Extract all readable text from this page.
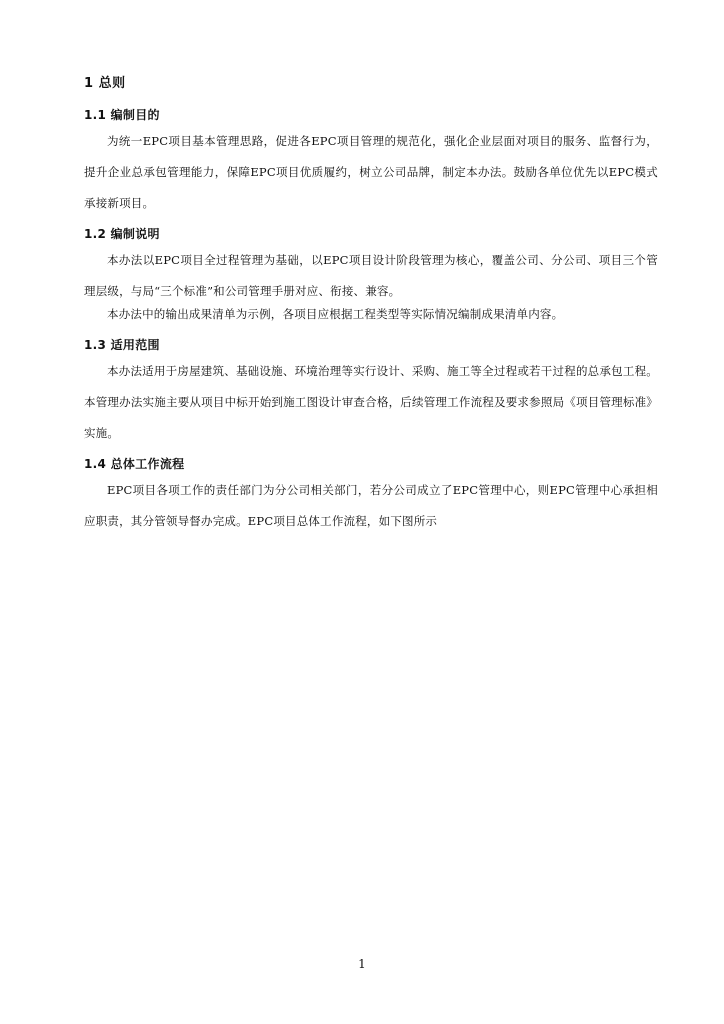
1 总则
1.1 编制目的

为统一EPC项目基本管理思路，促进各EPC项目管理的规范化，强化企业层面对项目的服务、监督行为，提升企业总承包管理能力，保障EPC项目优质履约，树立公司品牌，制定本办法。鼓励各单位优先以EPC模式承接新项目。

1.2 编制说明

本办法以EPC项目全过程管理为基础，以EPC项目设计阶段管理为核心，覆盖公司、分公司、项目三个管理层级，与局“三个标准”和公司管理手册对应、衔接、兼容。

本办法中的输出成果清单为示例，各项目应根据工程类型等实际情况编制成果清单内容。

1.3 适用范围

本办法适用于房屋建筑、基础设施、环境治理等实行设计、采购、施工等全过程或若干过程的总承包工程。本管理办法实施主要从项目中标开始到施工图设计审查合格，后续管理工作流程及要求参照局《项目管理标准》实施。

1.4 总体工作流程

EPC项目各项工作的责任部门为分公司相关部门，若分公司成立了EPC管理中心，则EPC管理中心承担相应职责，其分管领导督办完成。EPC项目总体工作流程，如下图所示

1
